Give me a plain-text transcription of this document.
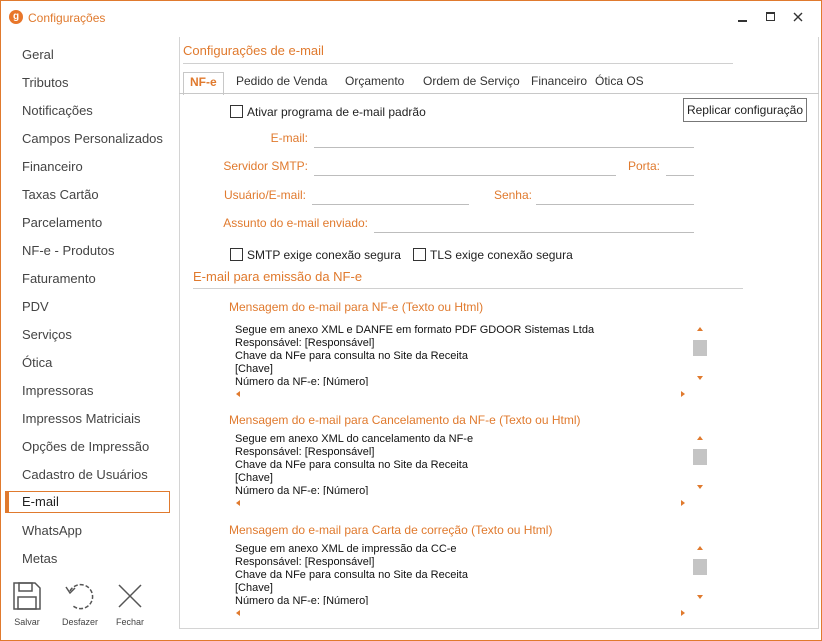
g Configurações
Geral
Tributos
Notificações
Campos Personalizados
Financeiro
Taxas Cartão
Parcelamento
NF-e - Produtos
Faturamento
PDV
Serviços
Ótica
Impressoras
Impressos Matriciais
Opções de Impressão
Cadastro de Usuários
E-mail
WhatsApp
Metas
Salvar	Desfazer	Fechar
Configurações de e-mail
NF-e	Pedido de Venda	Orçamento	Ordem de Serviço Financeiro Ótica OS
Ativar programa de e-mail padrão	Replicar configuração
E-mail:
Servidor SMTP:	Porta:
Usuário/E-mail:	Senha:
Assunto do e-mail enviado:
SMTP exige conexão segura TLS exige conexão segura
E-mail para emissão da NF-e
Mensagem do e-mail para NF-e (Texto ou Html)
Segue em anexo XML e DANFE em formato PDF GDOOR Sistemas Ltda
Responsável: [Responsável]
Chave da NFe para consulta no Site da Receita
[Chave]
Número da NF-e: [Número]
Mensagem do e-mail para Cancelamento da NF-e (Texto ou Html)
Segue em anexo XML do cancelamento da NF-e
Responsável: [Responsável]
Chave da NFe para consulta no Site da Receita
[Chave]
Número da NF-e: [Número]
Mensagem do e-mail para Carta de correção (Texto ou Html)
Segue em anexo XML de impressão da CC-e
Responsável: [Responsável]
Chave da NFe para consulta no Site da Receita
[Chave]
Número da NF-e: [Número]
